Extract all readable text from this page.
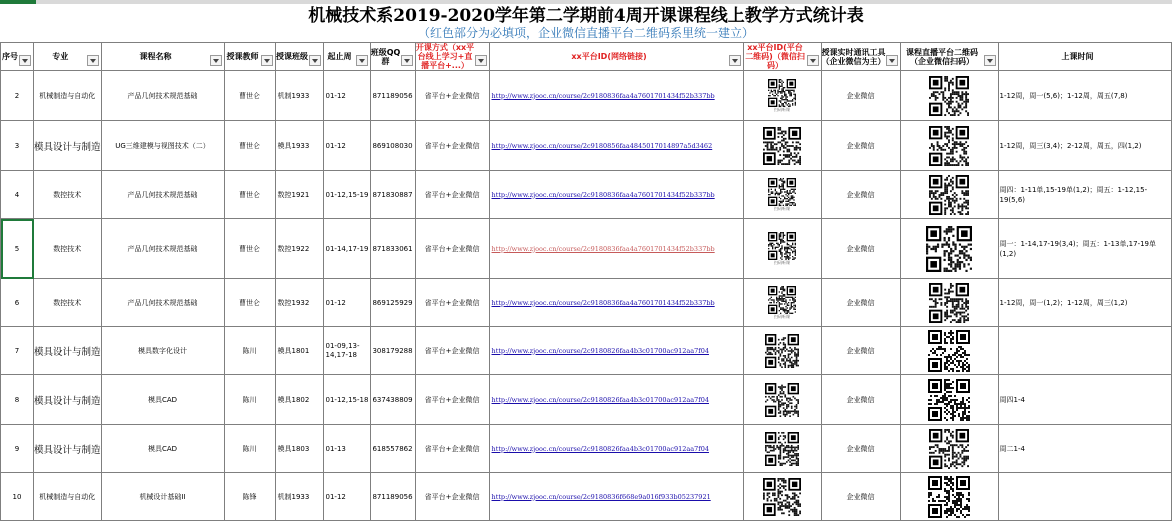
机械技术系2019-2020学年第二学期前4周开课课程线上教学方式统计表
（红色部分为必填项，企业微信直播平台二维码系里统一建立）
序号	专业	课程名称	授课教师	授课班级	起止周	班级QQ群	开课方式（xx平台线上学习+直播平台+...）	xx平台ID(网络链接)	xx平台ID(平台二维码)（微信扫码）	授课实时通讯工具（企业微信为主）	课程直播平台二维码（企业微信扫码）	上课时间

2	机械制造与自动化	产品几何技术规范基础	曹世仑	机制1933	01-12	871189056	省平台+企业微信	http://www.zjooc.cn/course/2c9180836faa4a7601701434f52b337bb	扫码听课	企业微信		1-12周，周一(5,6)；1-12周，周五(7,8)
3	模具设计与制造	UG三维建模与视图技术（二）	曹世仑	模具1933	01-12	869108030	省平台+企业微信	http://www.zjooc.cn/course/2c9180856faa4845017014897a5d3462		企业微信		1-12周，周三(3,4)；2-12周，周五，四(1,2)
4	数控技术	产品几何技术规范基础	曹世仑	数控1921	01-12,15-19	871830887	省平台+企业微信	http://www.zjooc.cn/course/2c9180836faa4a7601701434f52b337bb	扫码听课	企业微信		周四：1-11单,15-19单(1,2)；周五：1-12,15-19(5,6)
5	数控技术	产品几何技术规范基础	曹世仑	数控1922	01-14,17-19	871833061	省平台+企业微信	http://www.zjooc.cn/course/2c9180836faa4a7601701434f52b337bb	扫码听课	企业微信		周一：1-14,17-19(3,4)；周五：1-13单,17-19单(1,2)
6	数控技术	产品几何技术规范基础	曹世仑	数控1932	01-12	869125929	省平台+企业微信	http://www.zjooc.cn/course/2c9180836faa4a7601701434f52b337bb	扫码听课	企业微信		1-12周，周一(1,2)；1-12周，周三(1,2)
7	模具设计与制造	模具数字化设计	陈川	模具1801	01-09,13-14,17-18	308179288	省平台+企业微信	http://www.zjooc.cn/course/2c9180826faa4b3c01700ac912aa7f04		企业微信	

8	模具设计与制造	模具CAD	陈川	模具1802	01-12,15-18	637438809	省平台+企业微信	http://www.zjooc.cn/course/2c9180826faa4b3c01700ac912aa7f04		企业微信		周四1-4
9	模具设计与制造	模具CAD	陈川	模具1803	01-13	618557862	省平台+企业微信	http://www.zjooc.cn/course/2c9180826faa4b3c01700ac912aa7f04		企业微信		周二1-4
10	机械制造与自动化	机械设计基础II	陈锋	机制1933	01-12	871189056	省平台+企业微信	http://www.zjooc.cn/course/2c9180836f668e9a016f933b05237921		企业微信	
